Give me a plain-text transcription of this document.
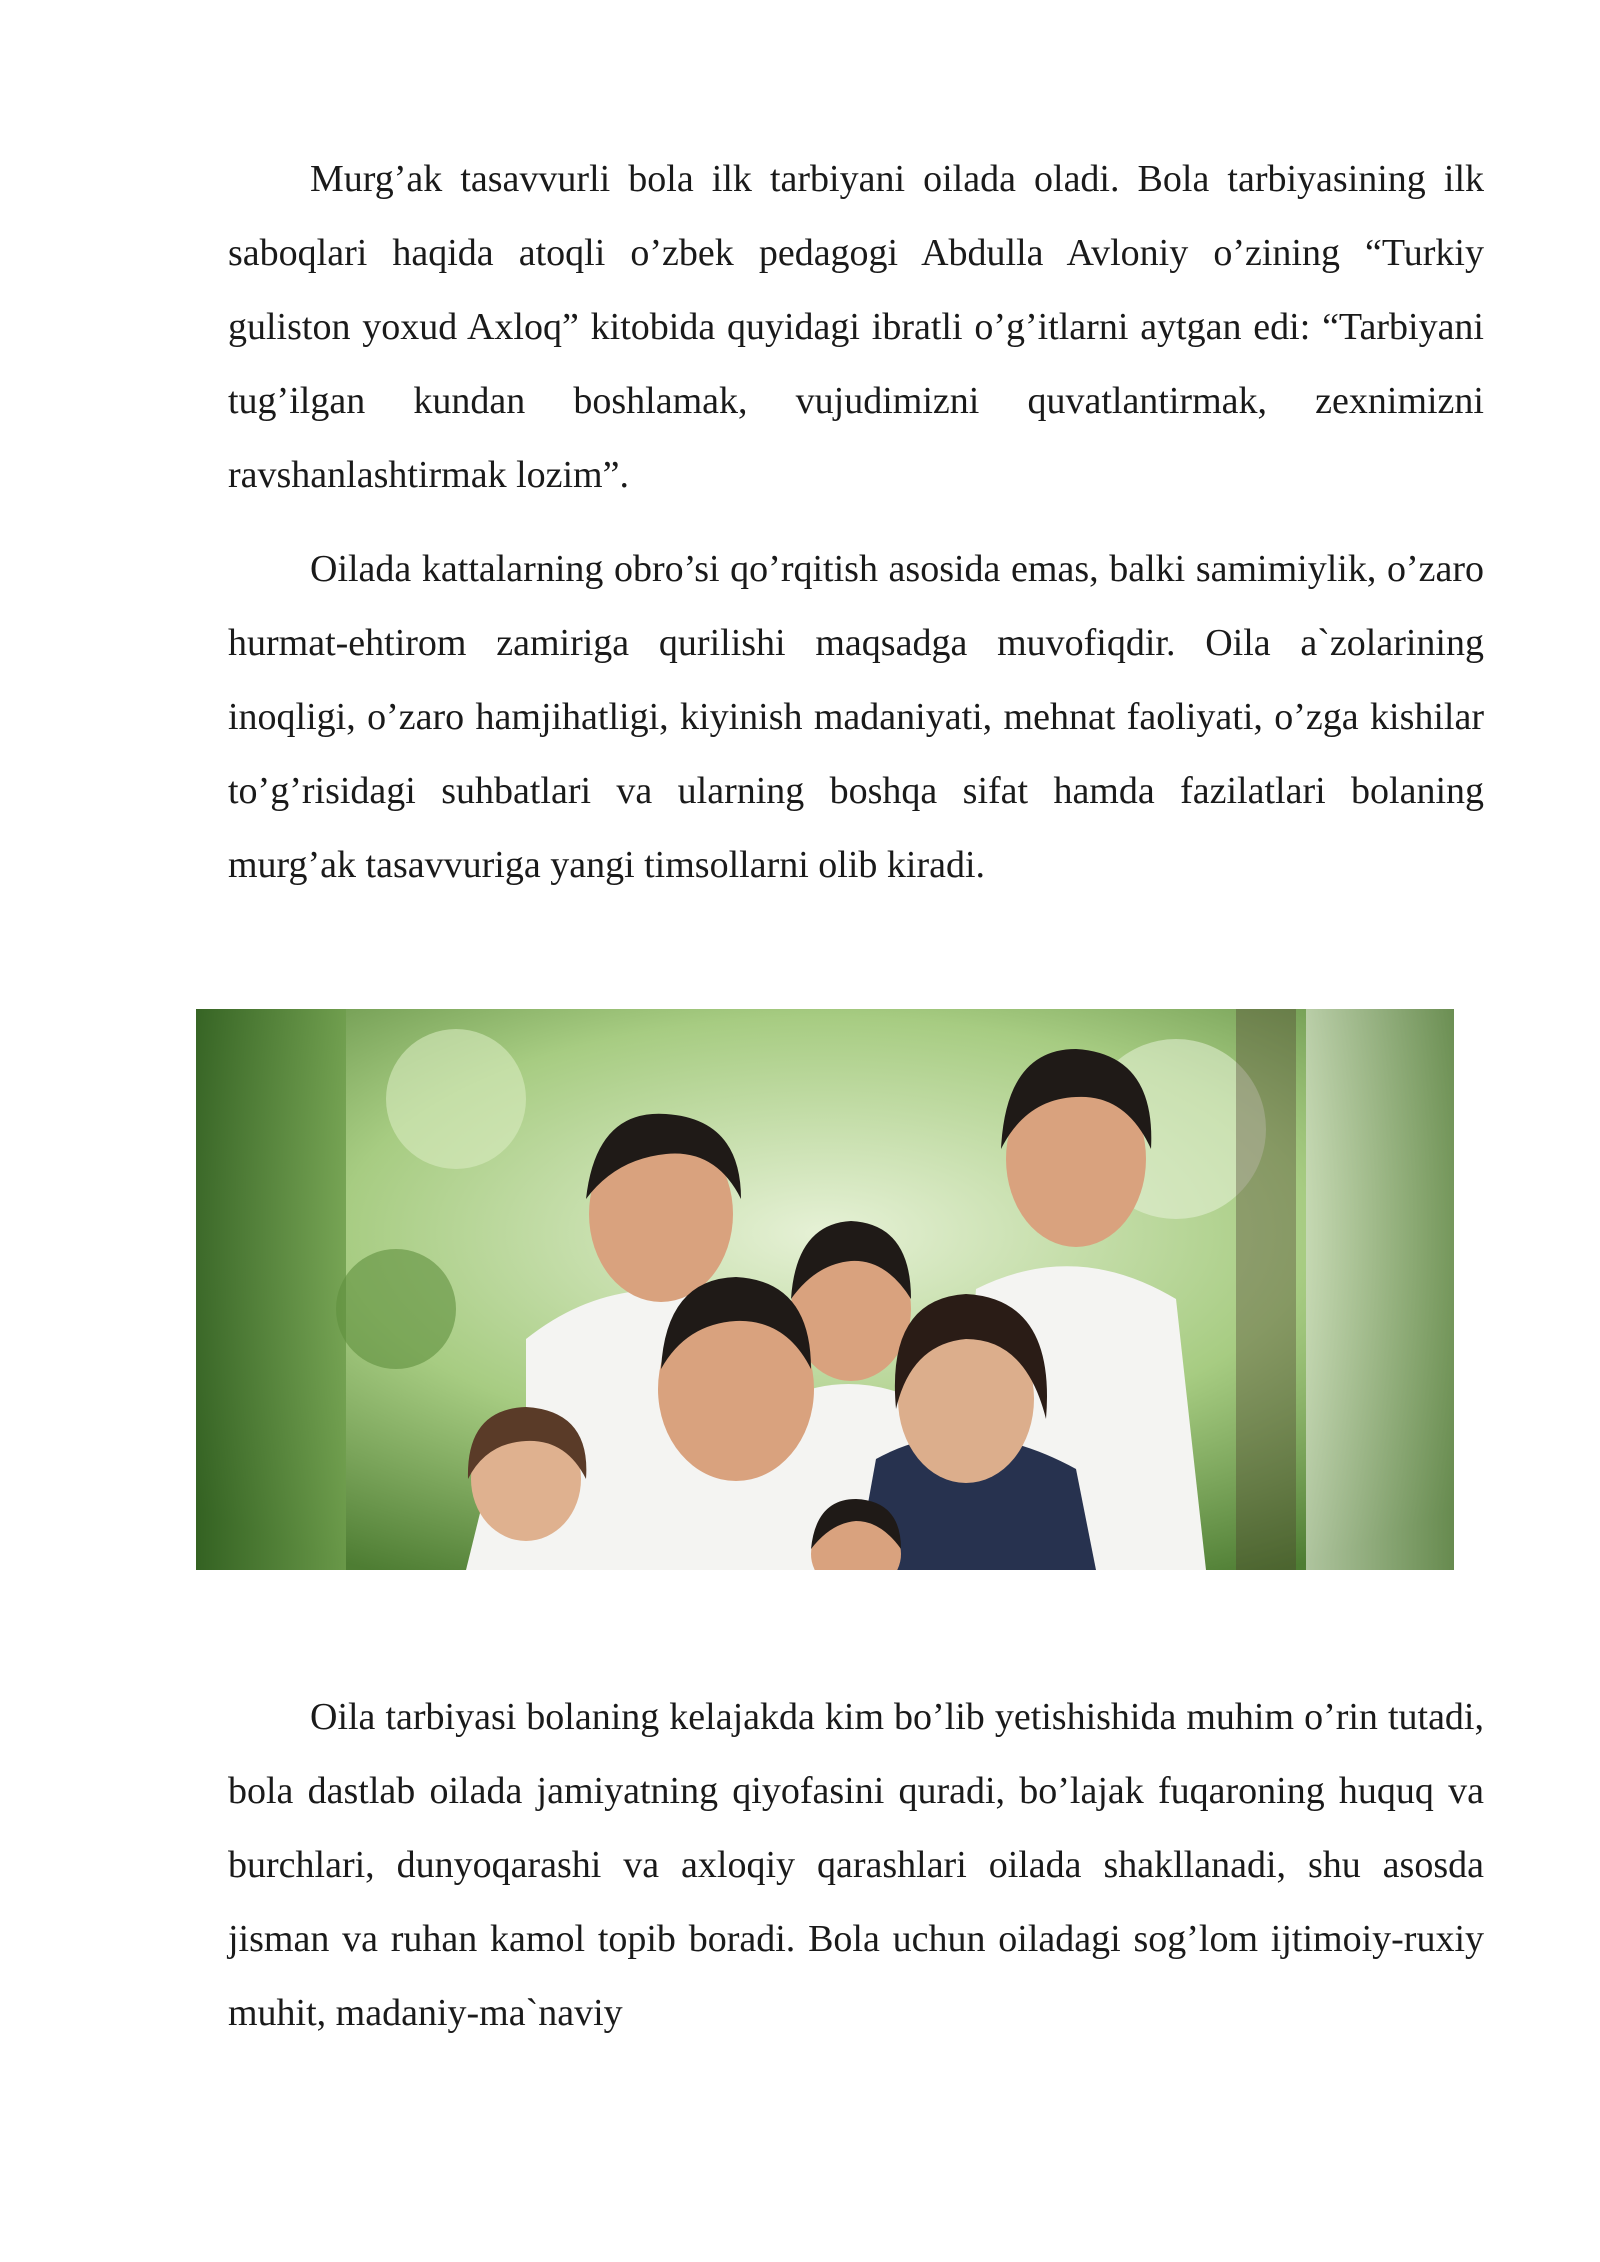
Murg’ak tasavvurli bola ilk tarbiyani oilada oladi. Bola tarbiyasining ilk saboqlari haqida atoqli o’zbek pedagogi Abdulla Avloniy o’zining “Turkiy guliston yoxud Axloq” kitobida quyidagi ibratli o’g’itlarni aytgan edi: “Tarbiyani tug’ilgan kundan boshlamak, vujudimizni quvatlantirmak, zexnimizni ravshanlashtirmak lozim”.

Oilada kattalarning obro’si qo’rqitish asosida emas, balki samimiylik, o’zaro hurmat-ehtirom zamiriga qurilishi maqsadga muvofiqdir. Oila a`zolarining inoqligi, o’zaro hamjihatligi, kiyinish madaniyati, mehnat faoliyati, o’zga kishilar to’g’risidagi suhbatlari va ularning boshqa sifat hamda fazilatlari bolaning murg’ak tasavvuriga yangi timsollarni olib kiradi.

Oila tarbiyasi bolaning kelajakda kim bo’lib yetishishida muhim o’rin tutadi, bola dastlab oilada jamiyatning qiyofasini quradi, bo’lajak fuqaroning huquq va burchlari, dunyoqarashi va axloqiy qarashlari oilada shakllanadi, shu asosda jisman va ruhan kamol topib boradi. Bola uchun oiladagi sog’lom ijtimoiy-ruxiy muhit, madaniy-ma`naviy
